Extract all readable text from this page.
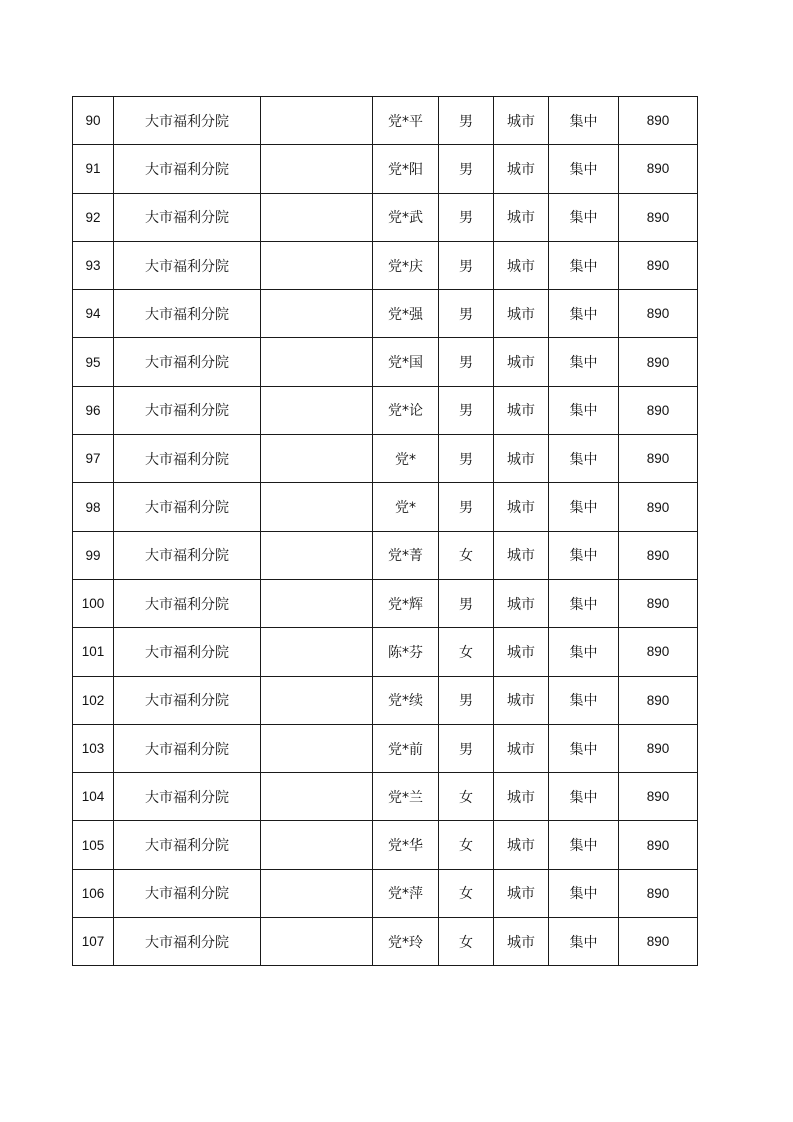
90	大市福利分院		党*平	男	城市	集中	890
91	大市福利分院		党*阳	男	城市	集中	890
92	大市福利分院		党*武	男	城市	集中	890
93	大市福利分院		党*庆	男	城市	集中	890
94	大市福利分院		党*强	男	城市	集中	890
95	大市福利分院		党*国	男	城市	集中	890
96	大市福利分院		党*论	男	城市	集中	890
97	大市福利分院		党*	男	城市	集中	890
98	大市福利分院		党*	男	城市	集中	890
99	大市福利分院		党*菁	女	城市	集中	890
100	大市福利分院		党*辉	男	城市	集中	890
101	大市福利分院		陈*芬	女	城市	集中	890
102	大市福利分院		党*续	男	城市	集中	890
103	大市福利分院		党*前	男	城市	集中	890
104	大市福利分院		党*兰	女	城市	集中	890
105	大市福利分院		党*华	女	城市	集中	890
106	大市福利分院		党*萍	女	城市	集中	890
107	大市福利分院		党*玲	女	城市	集中	890
